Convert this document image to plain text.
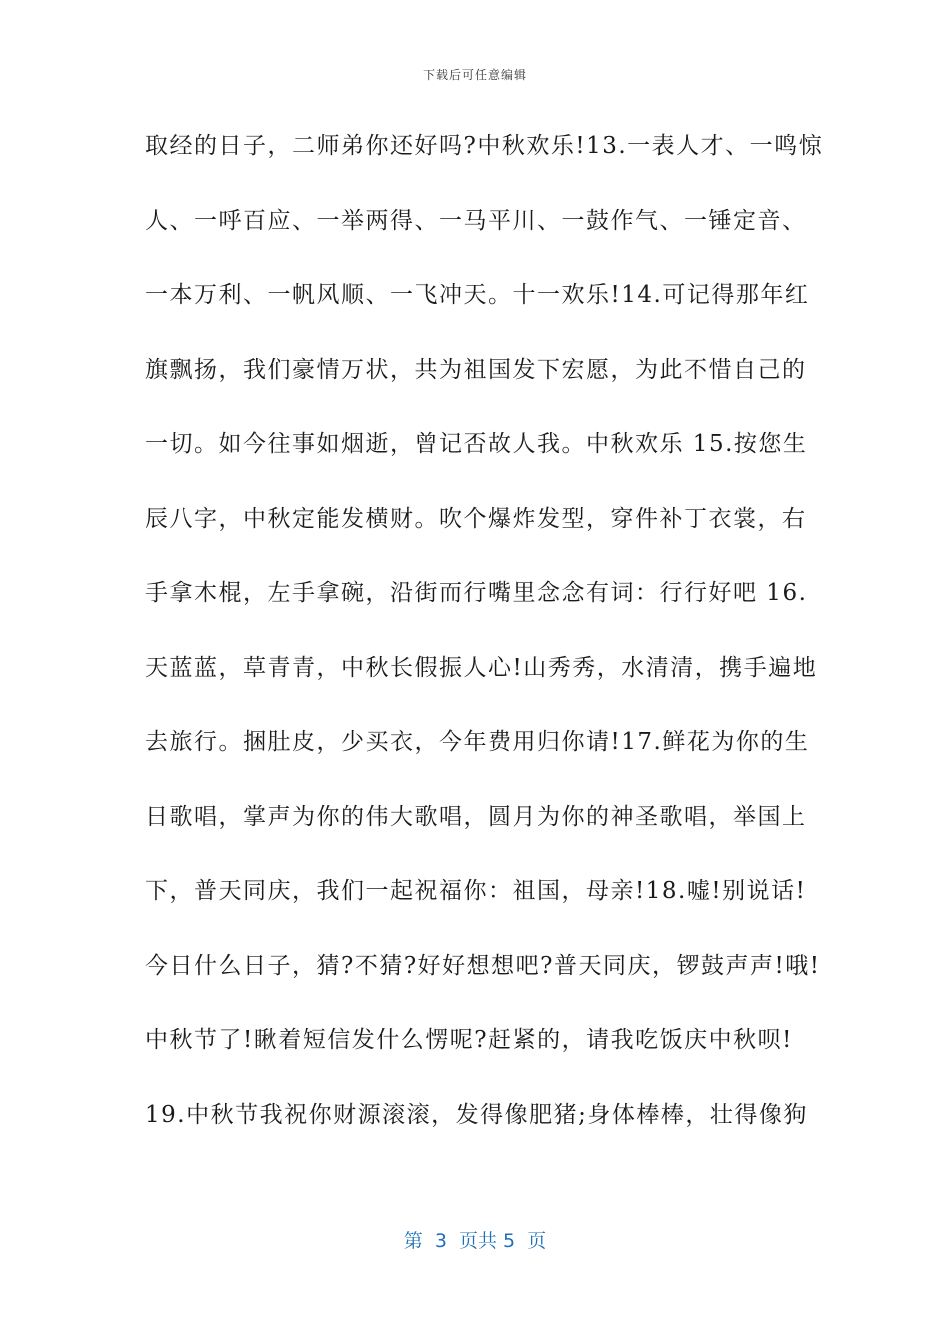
下载后可任意编辑
取经的日子，二师弟你还好吗?中秋欢乐!13.一表人才、一鸣惊
人、一呼百应、一举两得、一马平川、一鼓作气、一锤定音、
一本万利、一帆风顺、一飞冲天。十一欢乐!14.可记得那年红
旗飘扬，我们豪情万状，共为祖国发下宏愿，为此不惜自己的
一切。如今往事如烟逝，曾记否故人我。中秋欢乐 15.按您生
辰八字，中秋定能发横财。吹个爆炸发型，穿件补丁衣裳，右
手拿木棍，左手拿碗，沿街而行嘴里念念有词：行行好吧 16.
天蓝蓝，草青青，中秋长假振人心!山秀秀，水清清，携手遍地
去旅行。捆肚皮，少买衣，今年费用归你请!17.鲜花为你的生
日歌唱，掌声为你的伟大歌唱，圆月为你的神圣歌唱，举国上
下，普天同庆，我们一起祝福你：祖国，母亲!18.嘘!别说话!
今日什么日子，猜?不猜?好好想想吧?普天同庆，锣鼓声声!哦!
中秋节了!瞅着短信发什么愣呢?赶紧的，请我吃饭庆中秋呗!
19.中秋节我祝你财源滚滚，发得像肥猪;身体棒棒，壮得像狗
第  3  页共 5  页
